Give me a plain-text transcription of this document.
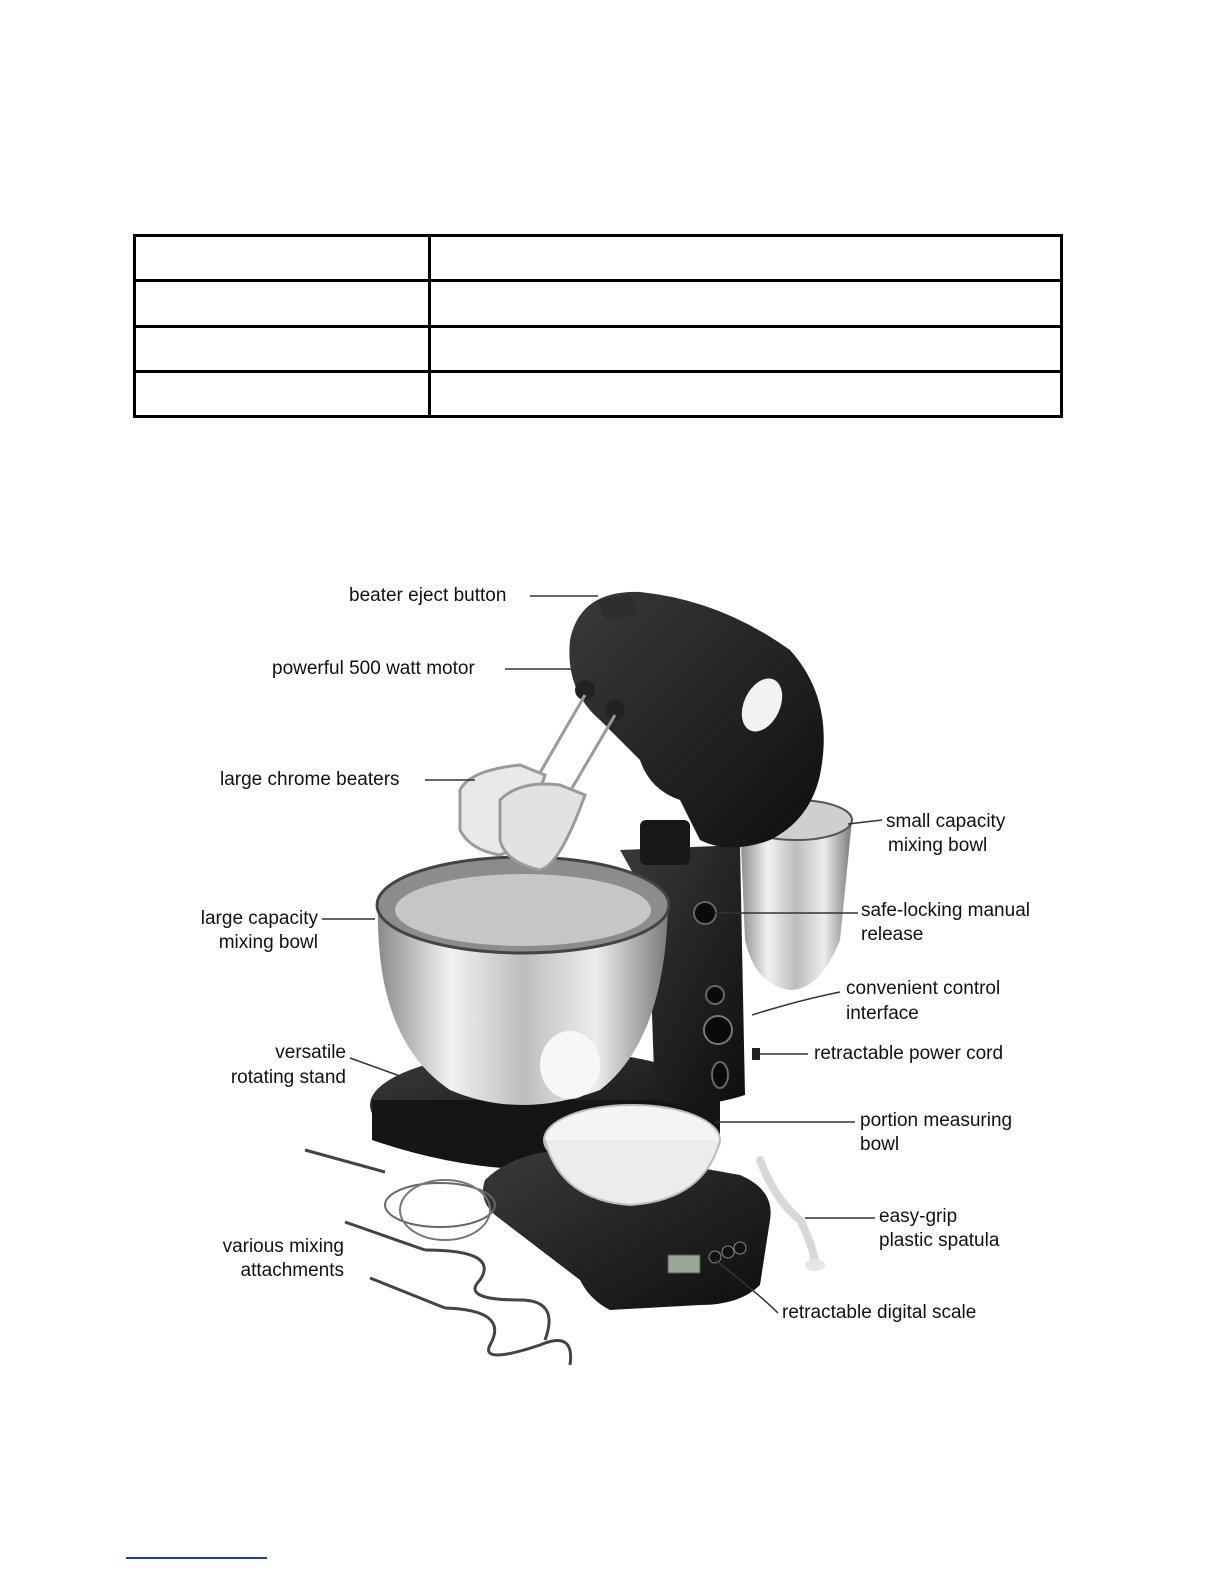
beater eject button
powerful 500 watt motor
large chrome beaters
small capacity
mixing bowl
large capacity
mixing bowl
safe-locking manual
release
convenient control
interface
retractable power cord
versatile
rotating stand
portion measuring
bowl
easy-grip
plastic spatula
various mixing
attachments
retractable digital scale
